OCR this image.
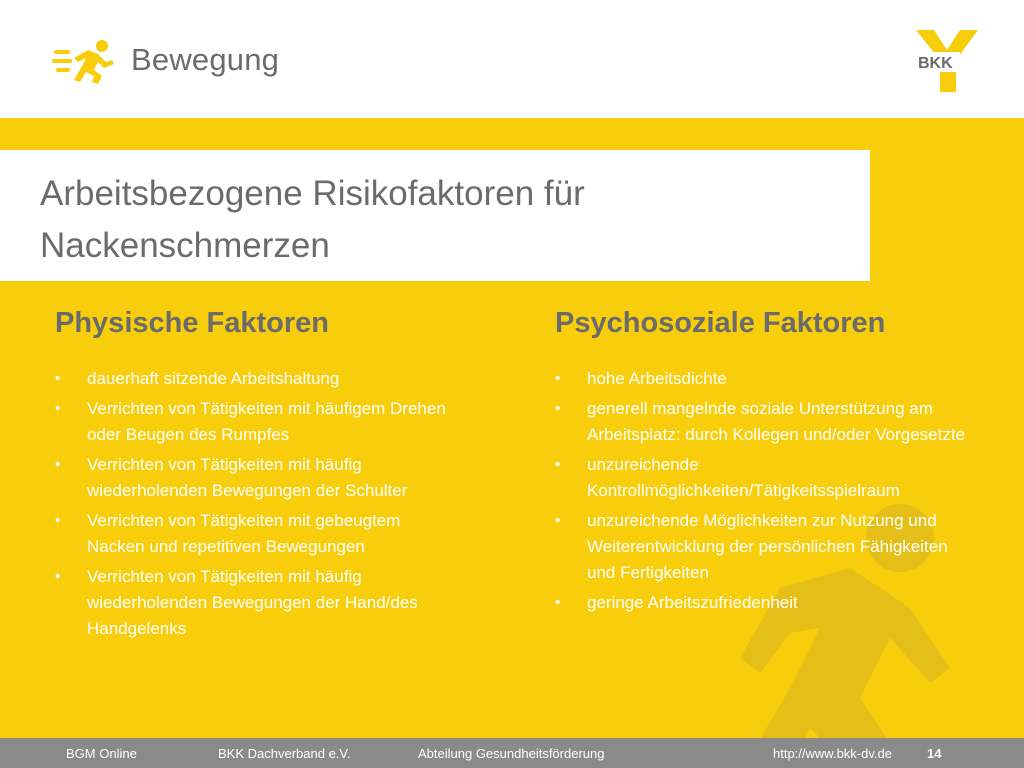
Bewegung	BKK
Arbeitsbezogene Risikofaktoren für
Nackenschmerzen
Physische Faktoren
• dauerhaft sitzende Arbeitshaltung
• Verrichten von Tätigkeiten mit häufigem Drehen oder Beugen des Rumpfes
• Verrichten von Tätigkeiten mit häufig wiederholenden Bewegungen der Schulter
• Verrichten von Tätigkeiten mit gebeugtem Nacken und repetitiven Bewegungen
• Verrichten von Tätigkeiten mit häufig wiederholenden Bewegungen der Hand/des Handgelenks
Psychosoziale Faktoren
• hohe Arbeitsdichte
• generell mangelnde soziale Unterstützung am Arbeitsplatz: durch Kollegen und/oder Vorgesetzte
• unzureichende Kontrollmöglichkeiten/Tätigkeitsspielraum
• unzureichende Möglichkeiten zur Nutzung und Weiterentwicklung der persönlichen Fähigkeiten und Fertigkeiten
• geringe Arbeitszufriedenheit
BGM Online	BKK Dachverband e.V.	Abteilung Gesundheitsförderung	http://www.bkk-dv.de	14
